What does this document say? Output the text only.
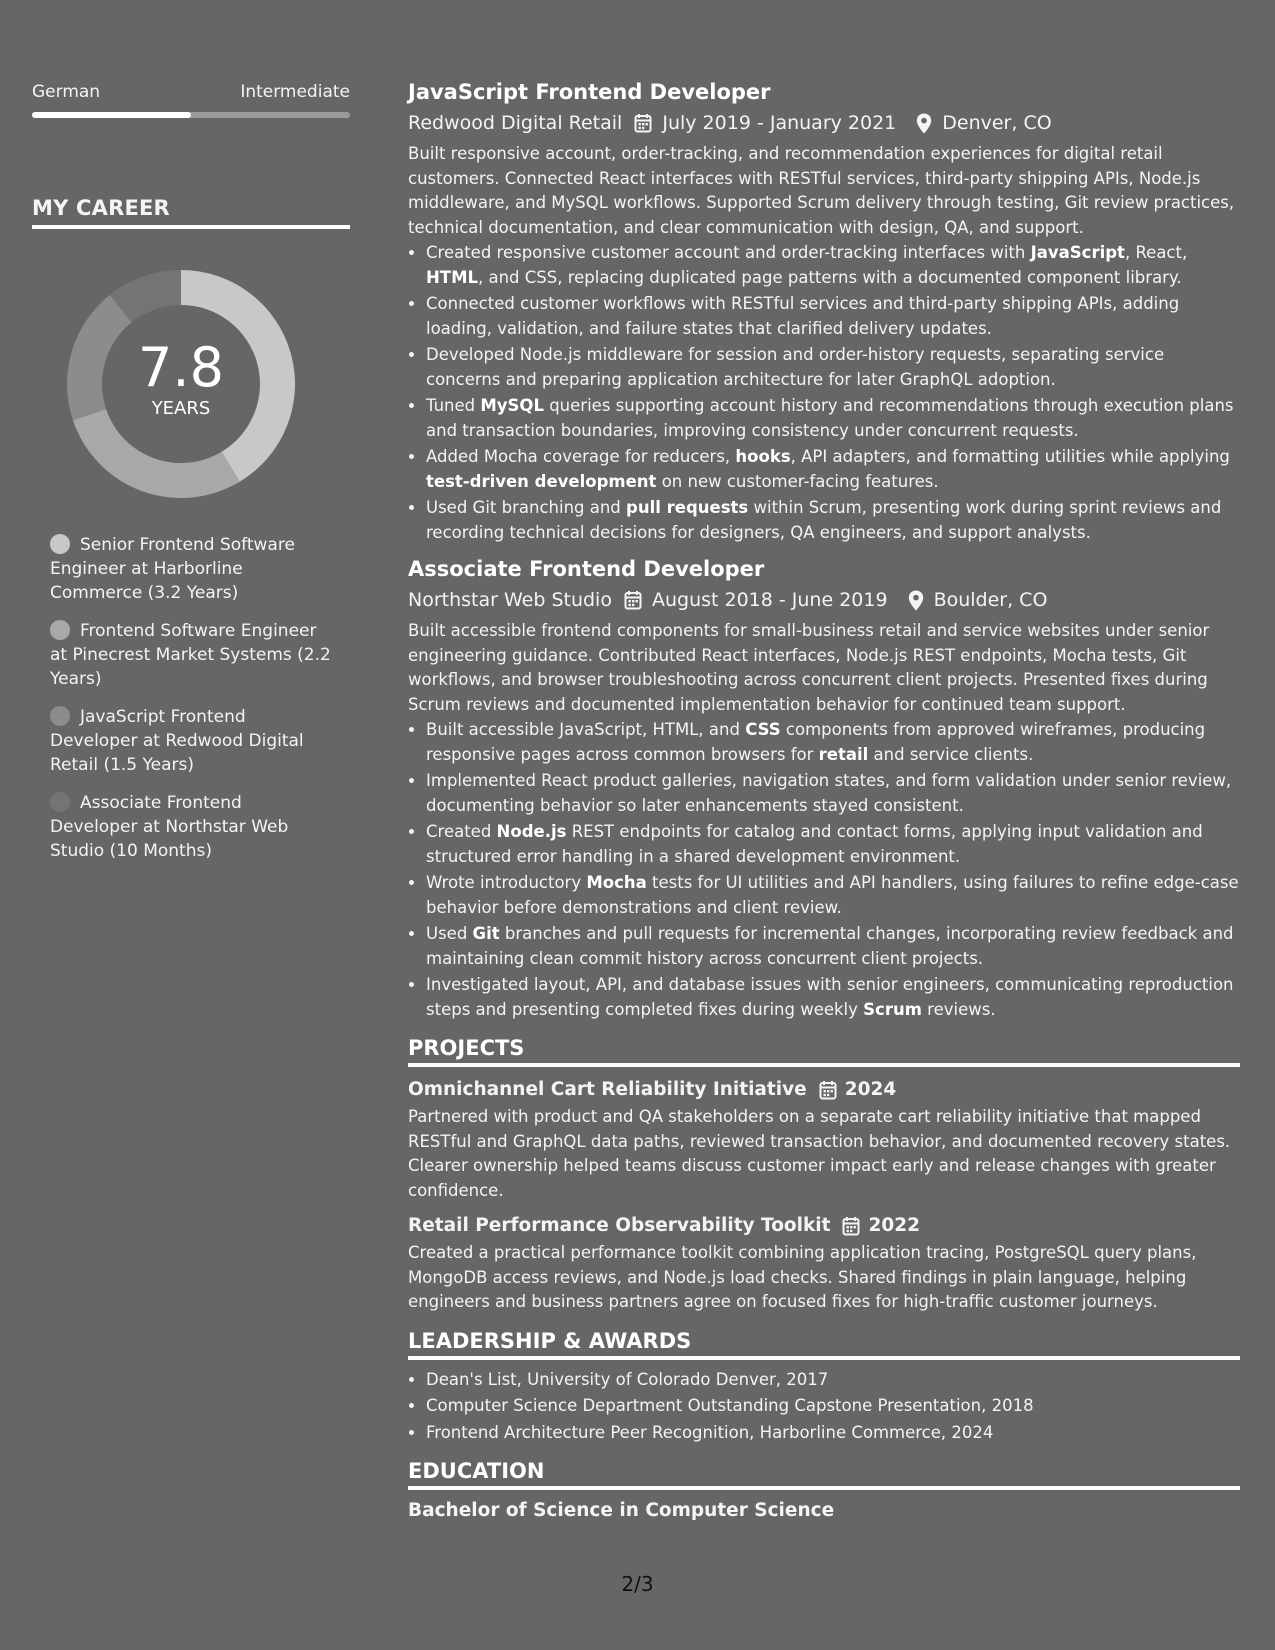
German	Intermediate
MY CAREER
7.8
YEARS
Senior Frontend Software Engineer at Harborline Commerce (3.2 Years)
Frontend Software Engineer at Pinecrest Market Systems (2.2 Years)
JavaScript Frontend Developer at Redwood Digital Retail (1.5 Years)
Associate Frontend Developer at Northstar Web Studio (10 Months)
JavaScript Frontend Developer
Redwood Digital Retail July 2019 - January 2021 Denver, CO
Built responsive account, order-tracking, and recommendation experiences for digital retail customers. Connected React interfaces with RESTful services, third-party shipping APIs, Node.js middleware, and MySQL workflows. Supported Scrum delivery through testing, Git review practices, technical documentation, and clear communication with design, QA, and support.
• Created responsive customer account and order-tracking interfaces with JavaScript, React, HTML, and CSS, replacing duplicated page patterns with a documented component library.
• Connected customer workflows with RESTful services and third-party shipping APIs, adding loading, validation, and failure states that clarified delivery updates.
• Developed Node.js middleware for session and order-history requests, separating service concerns and preparing application architecture for later GraphQL adoption.
• Tuned MySQL queries supporting account history and recommendations through execution plans and transaction boundaries, improving consistency under concurrent requests.
• Added Mocha coverage for reducers, hooks, API adapters, and formatting utilities while applying test-driven development on new customer-facing features.
• Used Git branching and pull requests within Scrum, presenting work during sprint reviews and recording technical decisions for designers, QA engineers, and support analysts.
Associate Frontend Developer
Northstar Web Studio August 2018 - June 2019 Boulder, CO
Built accessible frontend components for small-business retail and service websites under senior engineering guidance. Contributed React interfaces, Node.js REST endpoints, Mocha tests, Git workflows, and browser troubleshooting across concurrent client projects. Presented fixes during Scrum reviews and documented implementation behavior for continued team support.
• Built accessible JavaScript, HTML, and CSS components from approved wireframes, producing responsive pages across common browsers for retail and service clients.
• Implemented React product galleries, navigation states, and form validation under senior review, documenting behavior so later enhancements stayed consistent.
• Created Node.js REST endpoints for catalog and contact forms, applying input validation and structured error handling in a shared development environment.
• Wrote introductory Mocha tests for UI utilities and API handlers, using failures to refine edge-case behavior before demonstrations and client review.
• Used Git branches and pull requests for incremental changes, incorporating review feedback and maintaining clean commit history across concurrent client projects.
• Investigated layout, API, and database issues with senior engineers, communicating reproduction steps and presenting completed fixes during weekly Scrum reviews.
PROJECTS
Omnichannel Cart Reliability Initiative 2024
Partnered with product and QA stakeholders on a separate cart reliability initiative that mapped RESTful and GraphQL data paths, reviewed transaction behavior, and documented recovery states. Clearer ownership helped teams discuss customer impact early and release changes with greater confidence.
Retail Performance Observability Toolkit 2022
Created a practical performance toolkit combining application tracing, PostgreSQL query plans, MongoDB access reviews, and Node.js load checks. Shared findings in plain language, helping engineers and business partners agree on focused fixes for high-traffic customer journeys.
LEADERSHIP & AWARDS
• Dean's List, University of Colorado Denver, 2017
• Computer Science Department Outstanding Capstone Presentation, 2018
• Frontend Architecture Peer Recognition, Harborline Commerce, 2024
EDUCATION
Bachelor of Science in Computer Science
2/3
